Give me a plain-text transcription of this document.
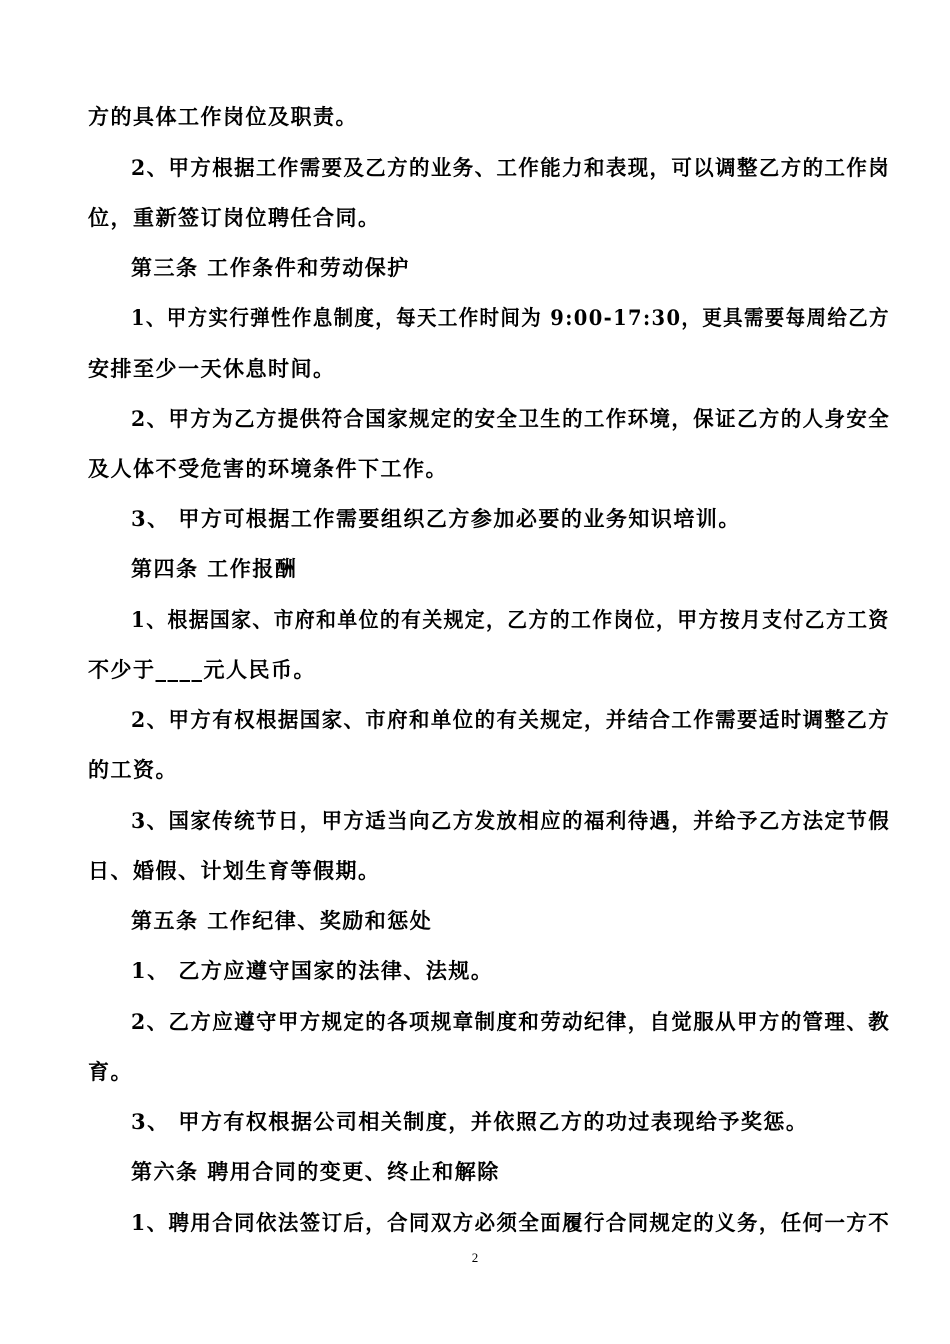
方的具体工作岗位及职责。
2、甲方根据工作需要及乙方的业务、工作能力和表现，可以调整乙方的工作岗
位，重新签订岗位聘任合同。
第三条 工作条件和劳动保护
1、甲方实行弹性作息制度，每天工作时间为 9:00-17:30，更具需要每周给乙方
安排至少一天休息时间。
2、甲方为乙方提供符合国家规定的安全卫生的工作环境，保证乙方的人身安全
及人体不受危害的环境条件下工作。
3、 甲方可根据工作需要组织乙方参加必要的业务知识培训。
第四条 工作报酬
1、根据国家、市府和单位的有关规定，乙方的工作岗位，甲方按月支付乙方工资
不少于____元人民币。
2、甲方有权根据国家、市府和单位的有关规定，并结合工作需要适时调整乙方
的工资。
3、国家传统节日，甲方适当向乙方发放相应的福利待遇，并给予乙方法定节假
日、婚假、计划生育等假期。
第五条 工作纪律、奖励和惩处
1、 乙方应遵守国家的法律、法规。
2、乙方应遵守甲方规定的各项规章制度和劳动纪律，自觉服从甲方的管理、教
育。
3、 甲方有权根据公司相关制度，并依照乙方的功过表现给予奖惩。
第六条 聘用合同的变更、终止和解除
1、聘用合同依法签订后，合同双方必须全面履行合同规定的义务，任何一方不
2
